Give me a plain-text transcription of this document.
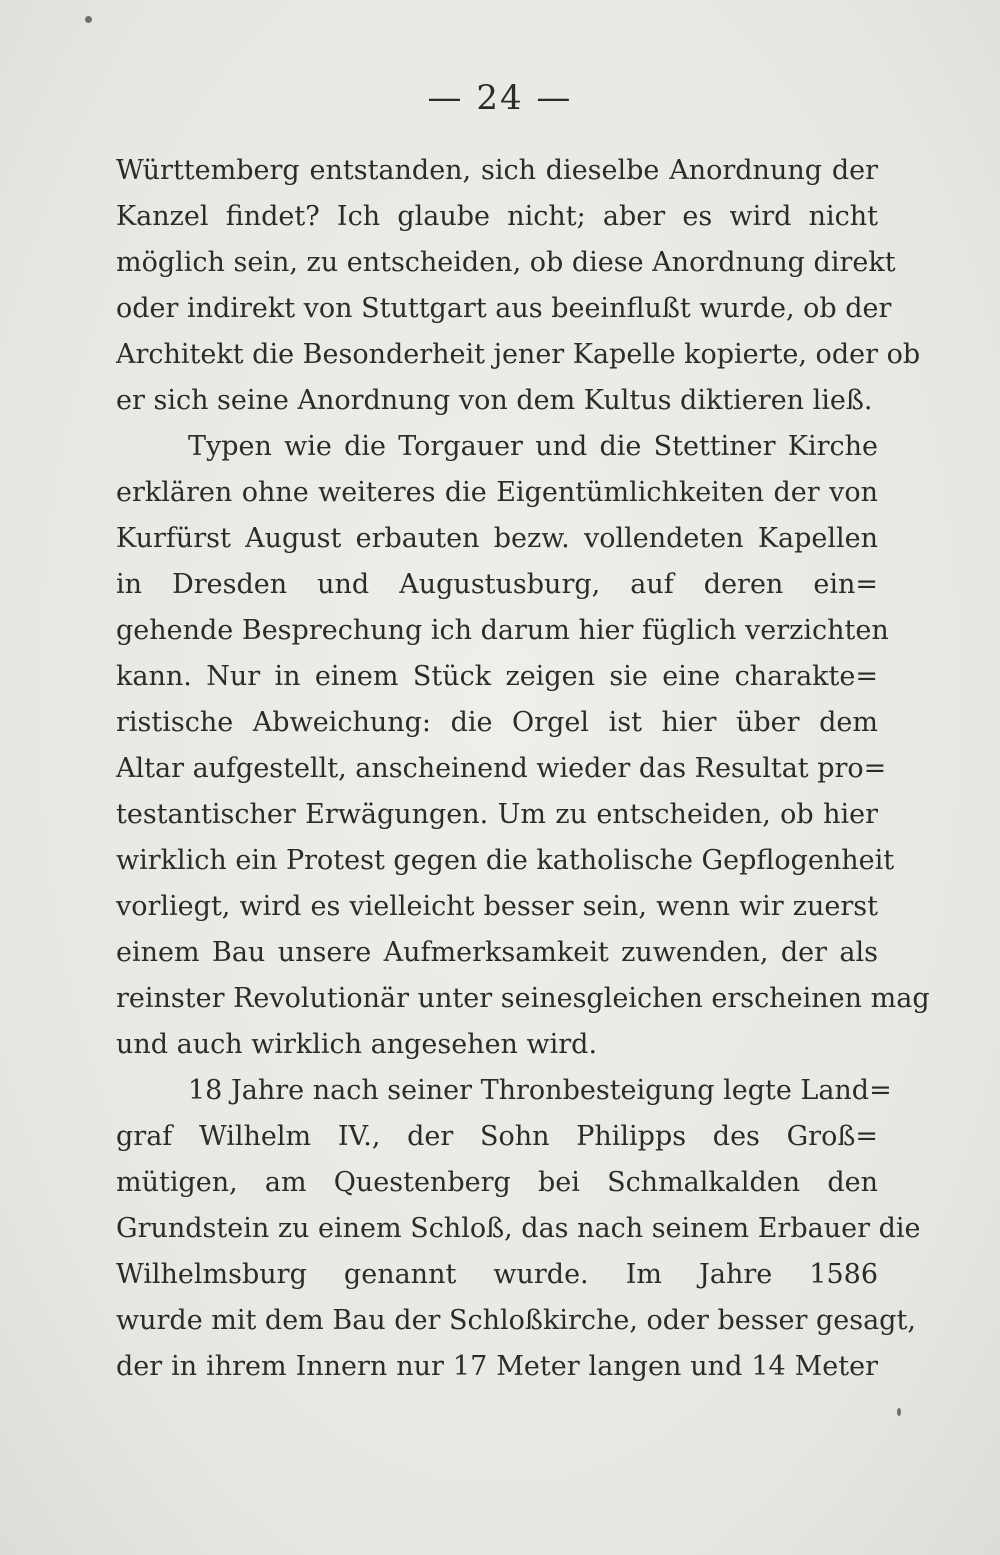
— 24 —
Württemberg entstanden, sich dieselbe Anordnung der
Kanzel findet? Ich glaube nicht; aber es wird nicht
möglich sein, zu entscheiden, ob diese Anordnung direkt
oder indirekt von Stuttgart aus beeinflußt wurde, ob der
Architekt die Besonderheit jener Kapelle kopierte, oder ob
er sich seine Anordnung von dem Kultus diktieren ließ.
Typen wie die Torgauer und die Stettiner Kirche
erklären ohne weiteres die Eigentümlichkeiten der von
Kurfürst August erbauten bezw. vollendeten Kapellen
in Dresden und Augustusburg, auf deren ein=
gehende Besprechung ich darum hier füglich verzichten
kann. Nur in einem Stück zeigen sie eine charakte=
ristische Abweichung: die Orgel ist hier über dem
Altar aufgestellt, anscheinend wieder das Resultat pro=
testantischer Erwägungen. Um zu entscheiden, ob hier
wirklich ein Protest gegen die katholische Gepflogenheit
vorliegt, wird es vielleicht besser sein, wenn wir zuerst
einem Bau unsere Aufmerksamkeit zuwenden, der als
reinster Revolutionär unter seinesgleichen erscheinen mag
und auch wirklich angesehen wird.
18 Jahre nach seiner Thronbesteigung legte Land=
graf Wilhelm IV., der Sohn Philipps des Groß=
mütigen, am Questenberg bei Schmalkalden den
Grundstein zu einem Schloß, das nach seinem Erbauer die
Wilhelmsburg genannt wurde. Im Jahre 1586
wurde mit dem Bau der Schloßkirche, oder besser gesagt,
der in ihrem Innern nur 17 Meter langen und 14 Meter
